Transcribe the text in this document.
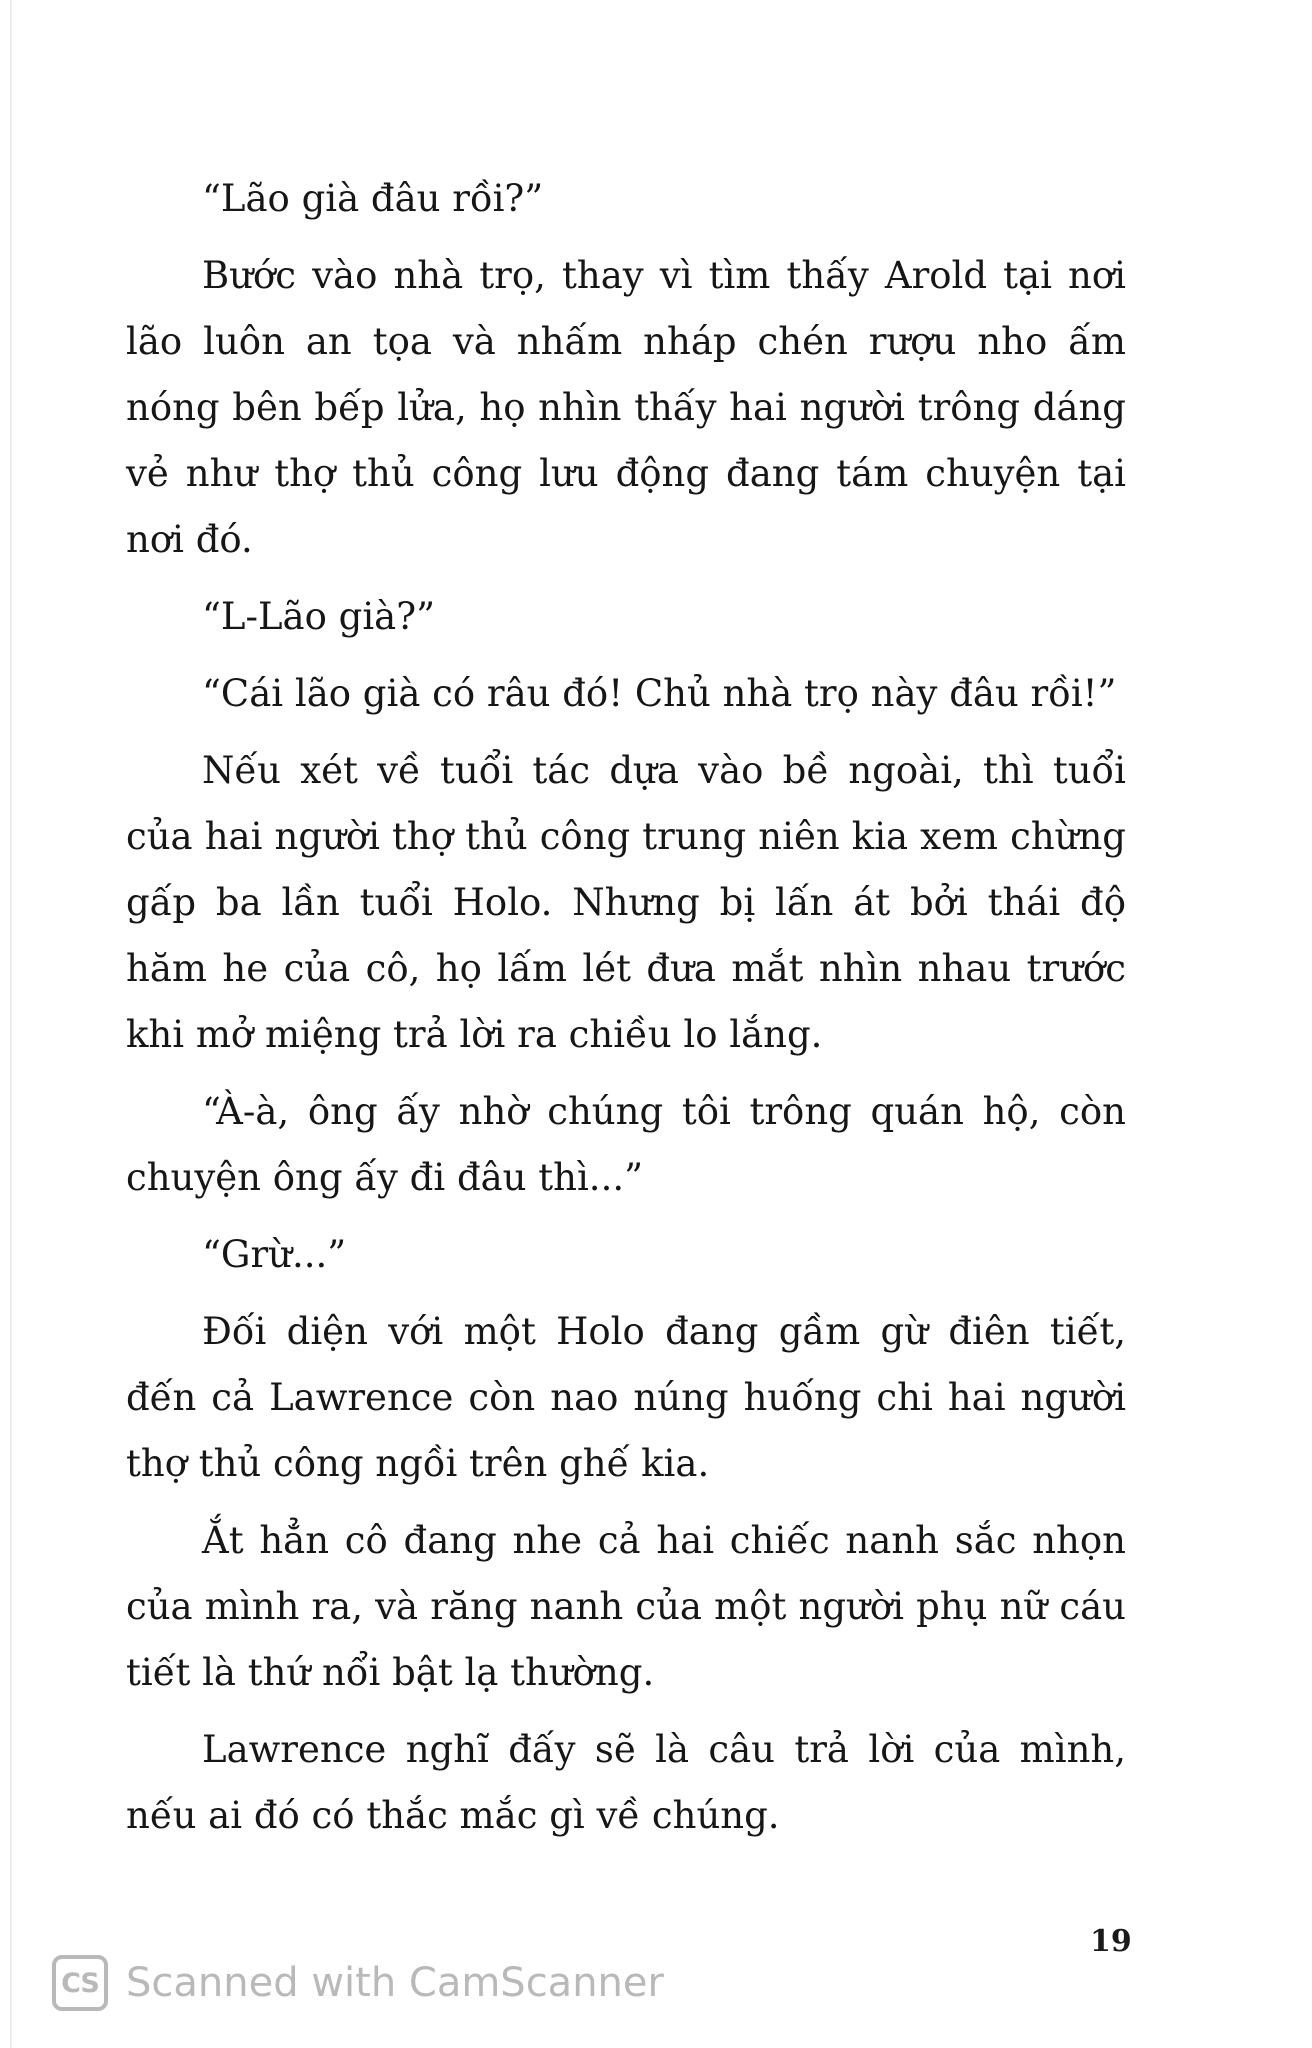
“Lão già đâu rồi?”

Bước vào nhà trọ, thay vì tìm thấy Arold tại nơi lão luôn an tọa và nhấm nháp chén rượu nho ấm nóng bên bếp lửa, họ nhìn thấy hai người trông dáng vẻ như thợ thủ công lưu động đang tám chuyện tại nơi đó.

“L-Lão già?”

“Cái lão già có râu đó! Chủ nhà trọ này đâu rồi!”

Nếu xét về tuổi tác dựa vào bề ngoài, thì tuổi của hai người thợ thủ công trung niên kia xem chừng gấp ba lần tuổi Holo. Nhưng bị lấn át bởi thái độ hăm he của cô, họ lấm lét đưa mắt nhìn nhau trước khi mở miệng trả lời ra chiều lo lắng.

“À-à, ông ấy nhờ chúng tôi trông quán hộ, còn chuyện ông ấy đi đâu thì...”

“Grừ...”

Đối diện với một Holo đang gầm gừ điên tiết, đến cả Lawrence còn nao núng huống chi hai người thợ thủ công ngồi trên ghế kia.

Ắt hẳn cô đang nhe cả hai chiếc nanh sắc nhọn của mình ra, và răng nanh của một người phụ nữ cáu tiết là thứ nổi bật lạ thường.

Lawrence nghĩ đấy sẽ là câu trả lời của mình, nếu ai đó có thắc mắc gì về chúng.

19
CS Scanned with CamScanner
